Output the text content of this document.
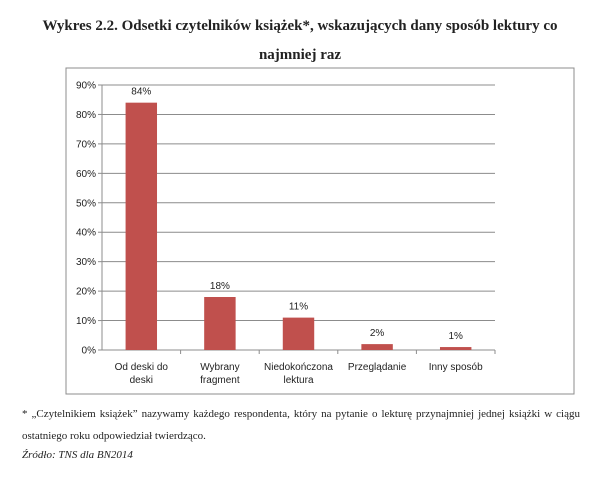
Wykres 2.2. Odsetki czytelników książek*, wskazujących dany sposób lektury co
najmniej raz
0%
10%
20%
30%
40%
50%
60%
70%
80%
90%
84%
Od deski do
deski
18%
Wybrany
fragment
11%
Niedokończona
lektura
2%
Przeglądanie
1%
Inny sposób

* „Czytelnikiem książek” nazywamy każdego respondenta, który na pytanie o lekturę przynajmniej jednej książki w ciągu ostatniego roku odpowiedział twierdząco.

Źródło: TNS dla BN2014
